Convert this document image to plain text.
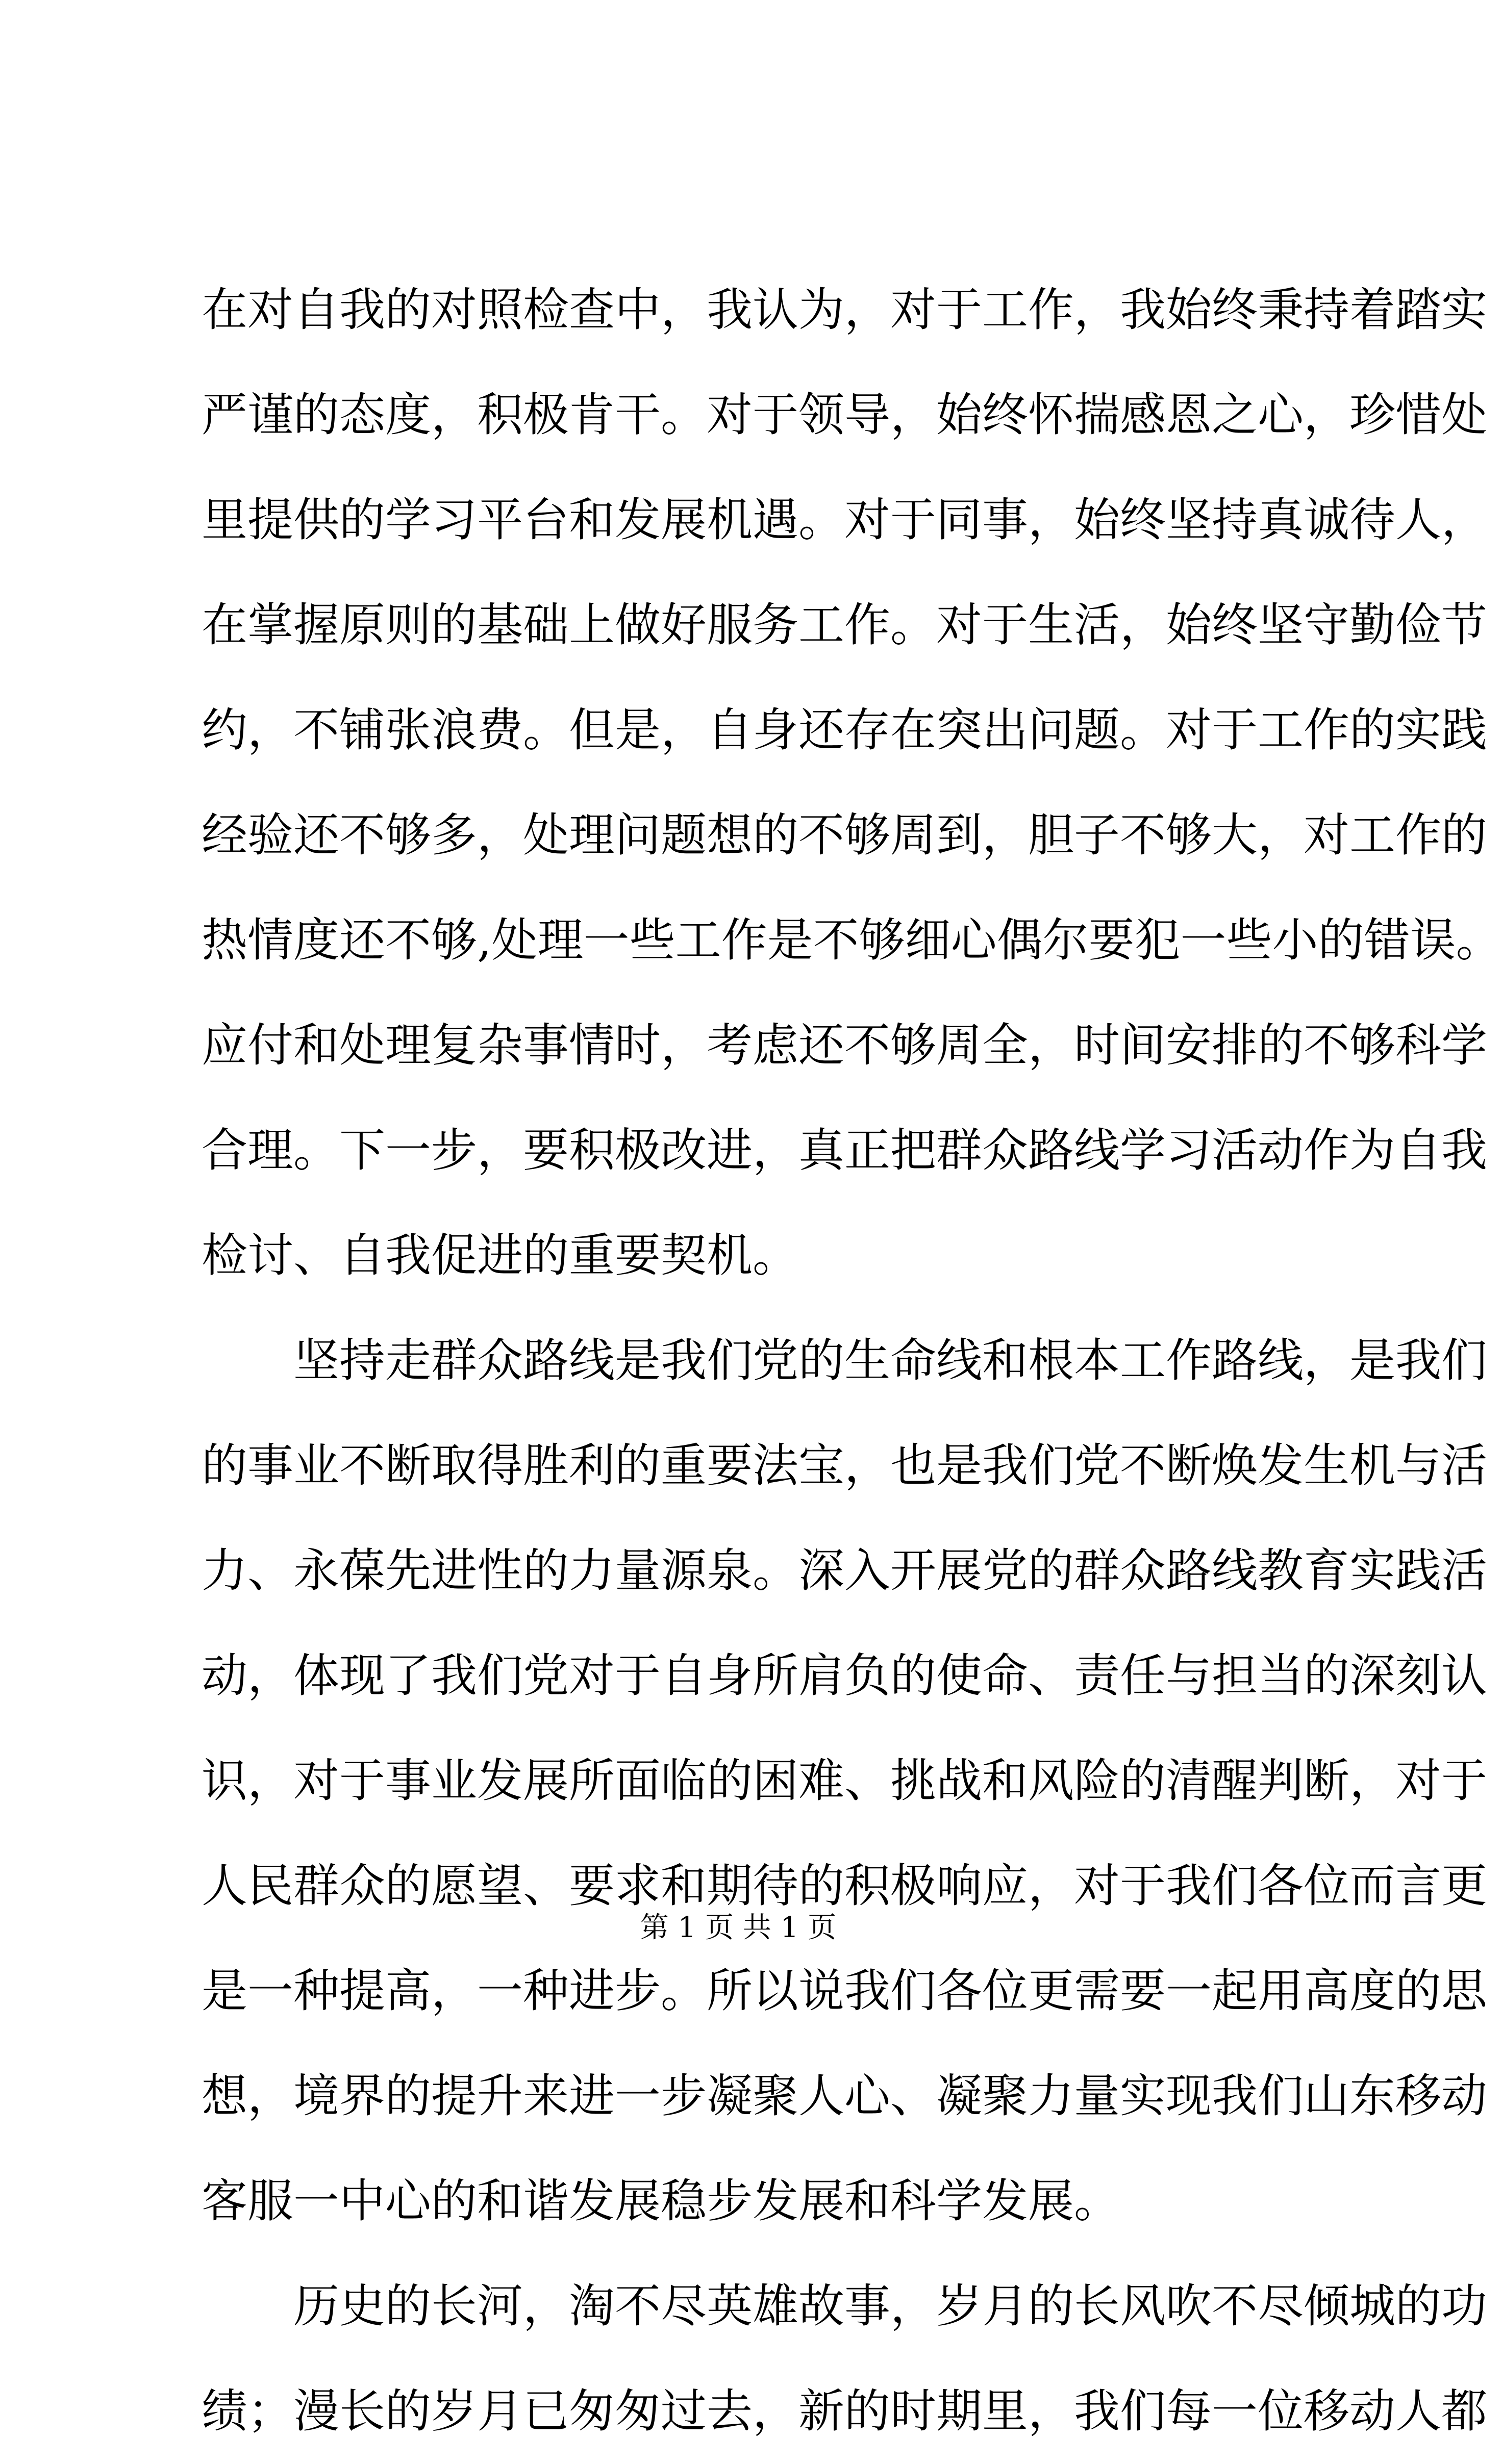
在对自我的对照检查中，我认为，对于工作，我始终秉持着踏实
严谨的态度，积极肯干。对于领导，始终怀揣感恩之心，珍惜处
里提供的学习平台和发展机遇。对于同事，始终坚持真诚待人，
在掌握原则的基础上做好服务工作。对于生活，始终坚守勤俭节
约，不铺张浪费。但是，自身还存在突出问题。对于工作的实践
经验还不够多，处理问题想的不够周到，胆子不够大，对工作的
热情度还不够,处理一些工作是不够细心偶尔要犯一些小的错误。
应付和处理复杂事情时，考虑还不够周全，时间安排的不够科学
合理。下一步，要积极改进，真正把群众路线学习活动作为自我
检讨、自我促进的重要契机。
　　坚持走群众路线是我们党的生命线和根本工作路线，是我们
的事业不断取得胜利的重要法宝，也是我们党不断焕发生机与活
力、永葆先进性的力量源泉。深入开展党的群众路线教育实践活
动，体现了我们党对于自身所肩负的使命、责任与担当的深刻认
识，对于事业发展所面临的困难、挑战和风险的清醒判断，对于
人民群众的愿望、要求和期待的积极响应，对于我们各位而言更
是一种提高，一种进步。所以说我们各位更需要一起用高度的思
想，境界的提升来进一步凝聚人心、凝聚力量实现我们山东移动
客服一中心的和谐发展稳步发展和科学发展。
　　历史的长河，淘不尽英雄故事，岁月的长风吹不尽倾城的功
绩；漫长的岁月已匆匆过去，新的时期里，我们每一位移动人都
第 1 页 共 1 页
